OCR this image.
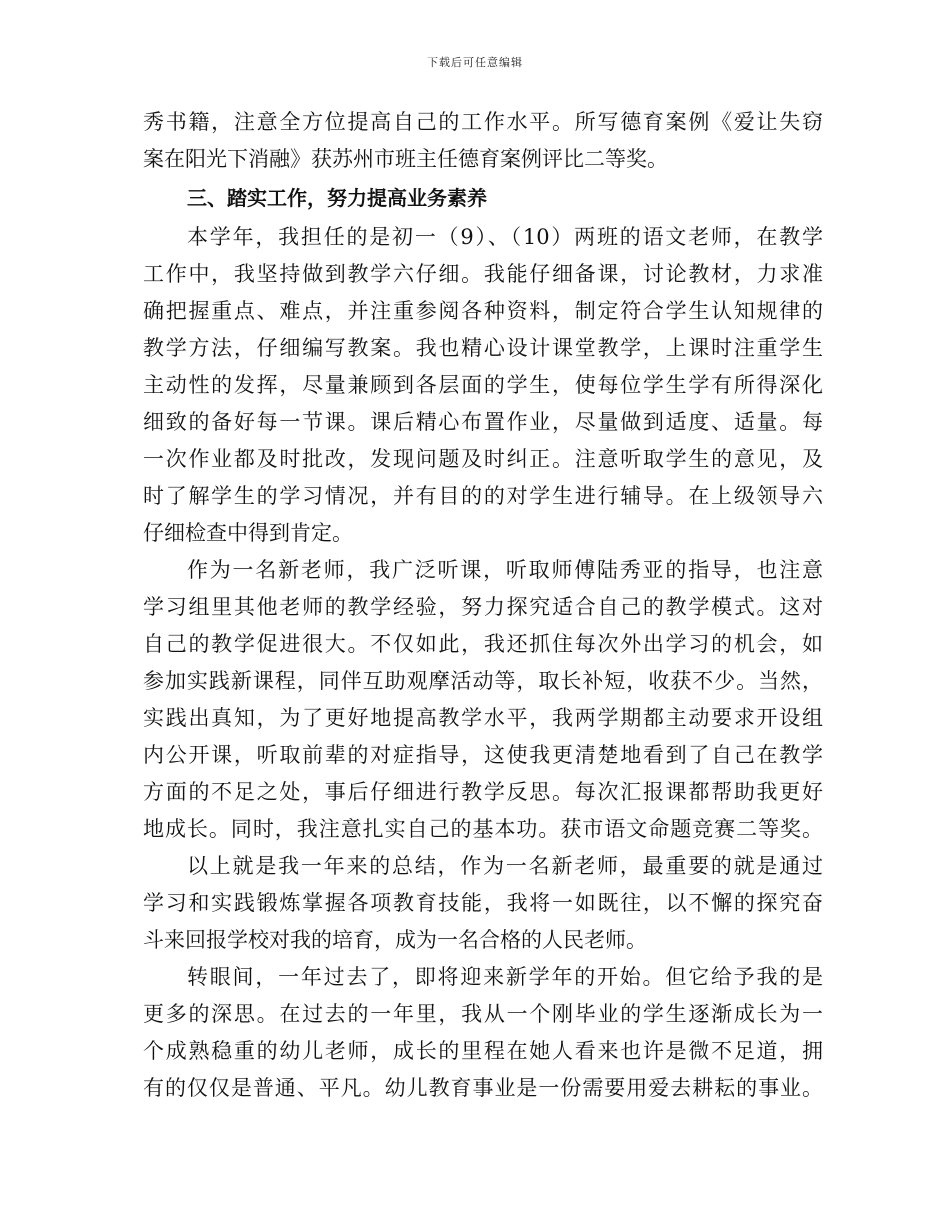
下载后可任意编辑
秀书籍，注意全方位提高自己的工作水平。所写德育案例《爱让失窃
案在阳光下消融》获苏州市班主任德育案例评比二等奖。
三、踏实工作，努力提高业务素养
本学年，我担任的是初一（9）、（10）两班的语文老师，在教学
工作中，我坚持做到教学六仔细。我能仔细备课，讨论教材，力求准
确把握重点、难点，并注重参阅各种资料，制定符合学生认知规律的
教学方法，仔细编写教案。我也精心设计课堂教学，上课时注重学生
主动性的发挥，尽量兼顾到各层面的学生，使每位学生学有所得深化
细致的备好每一节课。课后精心布置作业，尽量做到适度、适量。每
一次作业都及时批改，发现问题及时纠正。注意听取学生的意见，及
时了解学生的学习情况，并有目的的对学生进行辅导。在上级领导六
仔细检查中得到肯定。
作为一名新老师，我广泛听课，听取师傅陆秀亚的指导，也注意
学习组里其他老师的教学经验，努力探究适合自己的教学模式。这对
自己的教学促进很大。不仅如此，我还抓住每次外出学习的机会，如
参加实践新课程，同伴互助观摩活动等，取长补短，收获不少。当然，
实践出真知，为了更好地提高教学水平，我两学期都主动要求开设组
内公开课，听取前辈的对症指导，这使我更清楚地看到了自己在教学
方面的不足之处，事后仔细进行教学反思。每次汇报课都帮助我更好
地成长。同时，我注意扎实自己的基本功。获市语文命题竞赛二等奖。
以上就是我一年来的总结，作为一名新老师，最重要的就是通过
学习和实践锻炼掌握各项教育技能，我将一如既往，以不懈的探究奋
斗来回报学校对我的培育，成为一名合格的人民老师。
转眼间，一年过去了，即将迎来新学年的开始。但它给予我的是
更多的深思。在过去的一年里，我从一个刚毕业的学生逐渐成长为一
个成熟稳重的幼儿老师，成长的里程在她人看来也许是微不足道，拥
有的仅仅是普通、平凡。幼儿教育事业是一份需要用爱去耕耘的事业。
